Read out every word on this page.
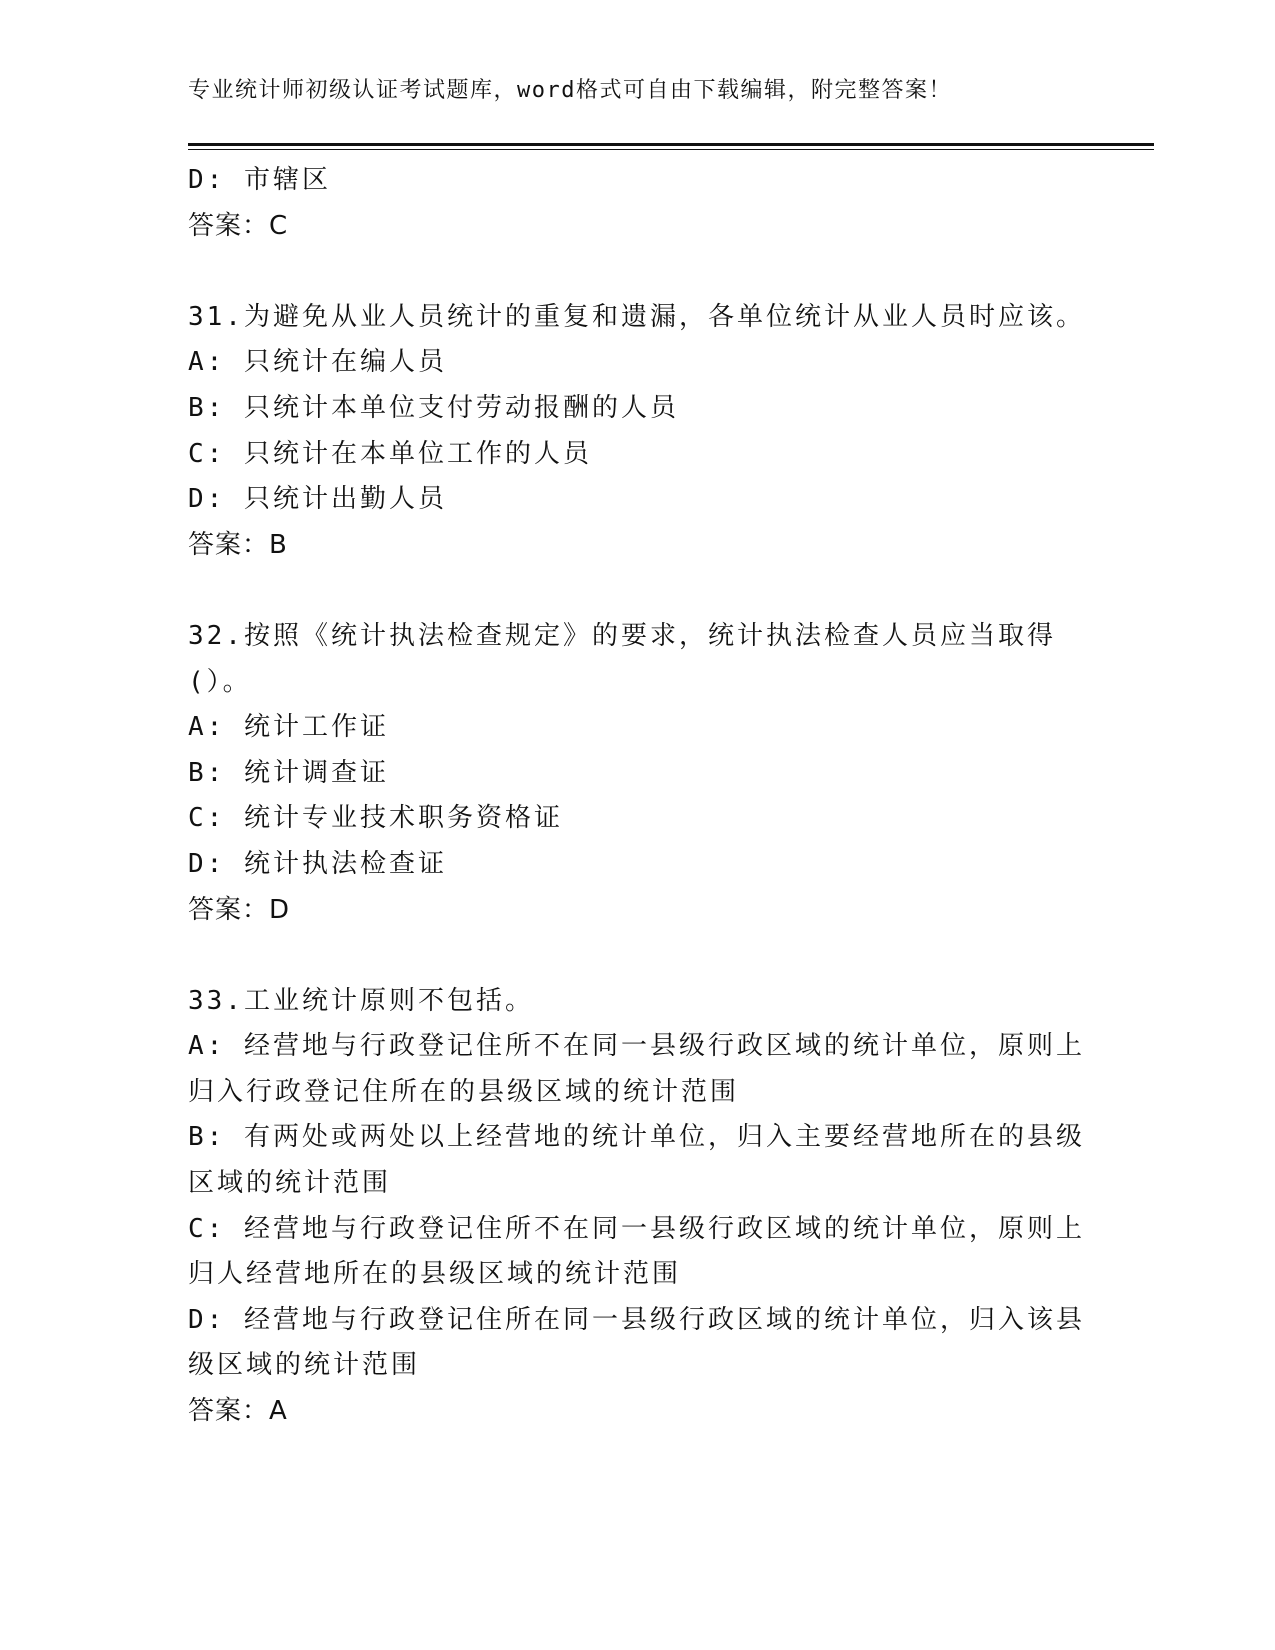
专业统计师初级认证考试题库，word格式可自由下载编辑，附完整答案！
D: 市辖区
答案：C
31.为避免从业人员统计的重复和遗漏，各单位统计从业人员时应该。
A: 只统计在编人员
B: 只统计本单位支付劳动报酬的人员
C: 只统计在本单位工作的人员
D: 只统计出勤人员
答案：B
32.按照《统计执法检查规定》的要求，统计执法检查人员应当取得(）。
A: 统计工作证
B: 统计调查证
C: 统计专业技术职务资格证
D: 统计执法检查证
答案：D
33.工业统计原则不包括。
A: 经营地与行政登记住所不在同一县级行政区域的统计单位，原则上归入行政登记住所在的县级区域的统计范围
B: 有两处或两处以上经营地的统计单位，归入主要经营地所在的县级区域的统计范围
C: 经营地与行政登记住所不在同一县级行政区域的统计单位，原则上归人经营地所在的县级区域的统计范围
D: 经营地与行政登记住所在同一县级行政区域的统计单位，归入该县级区域的统计范围
答案：A
